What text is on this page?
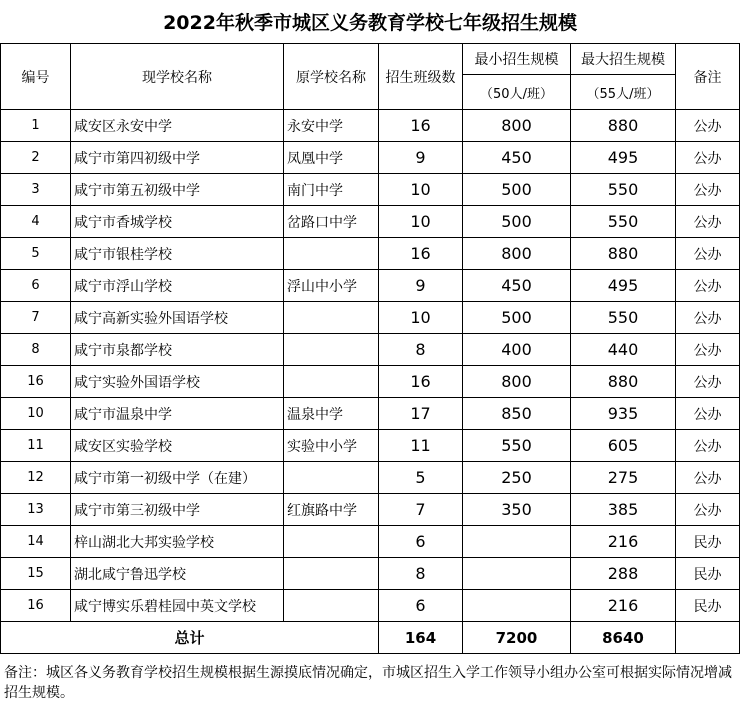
2022年秋季市城区义务教育学校七年级招生规模						
编号	现学校名称	原学校名称	招生班级数	最小招生规模	最大招生规模	备注
				（50人/班）	（55人/班）	
1	咸安区永安中学	永安中学	16	800	880	公办
2	咸宁市第四初级中学	凤凰中学	9	450	495	公办
3	咸宁市第五初级中学	南门中学	10	500	550	公办
4	咸宁市香城学校	岔路口中学	10	500	550	公办
5	咸宁市银桂学校		16	800	880	公办
6	咸宁市浮山学校	浮山中小学	9	450	495	公办
7	咸宁高新实验外国语学校		10	500	550	公办
8	咸宁市泉都学校		8	400	440	公办
16	咸宁实验外国语学校		16	800	880	公办
10	咸宁市温泉中学	温泉中学	17	850	935	公办
11	咸安区实验学校	实验中小学	11	550	605	公办
12	咸宁市第一初级中学（在建）		5	250	275	公办
13	咸宁市第三初级中学	红旗路中学	7	350	385	公办
14	梓山湖北大邦实验学校		6		216	民办
15	湖北咸宁鲁迅学校		8		288	民办
16	咸宁博实乐碧桂园中英文学校		6		216	民办
总计			164	7200	8640	
备注：城区各义务教育学校招生规模根据生源摸底情况确定，市城区招生入学工作领导小组办公室可根据实际情况增减招生规模。
